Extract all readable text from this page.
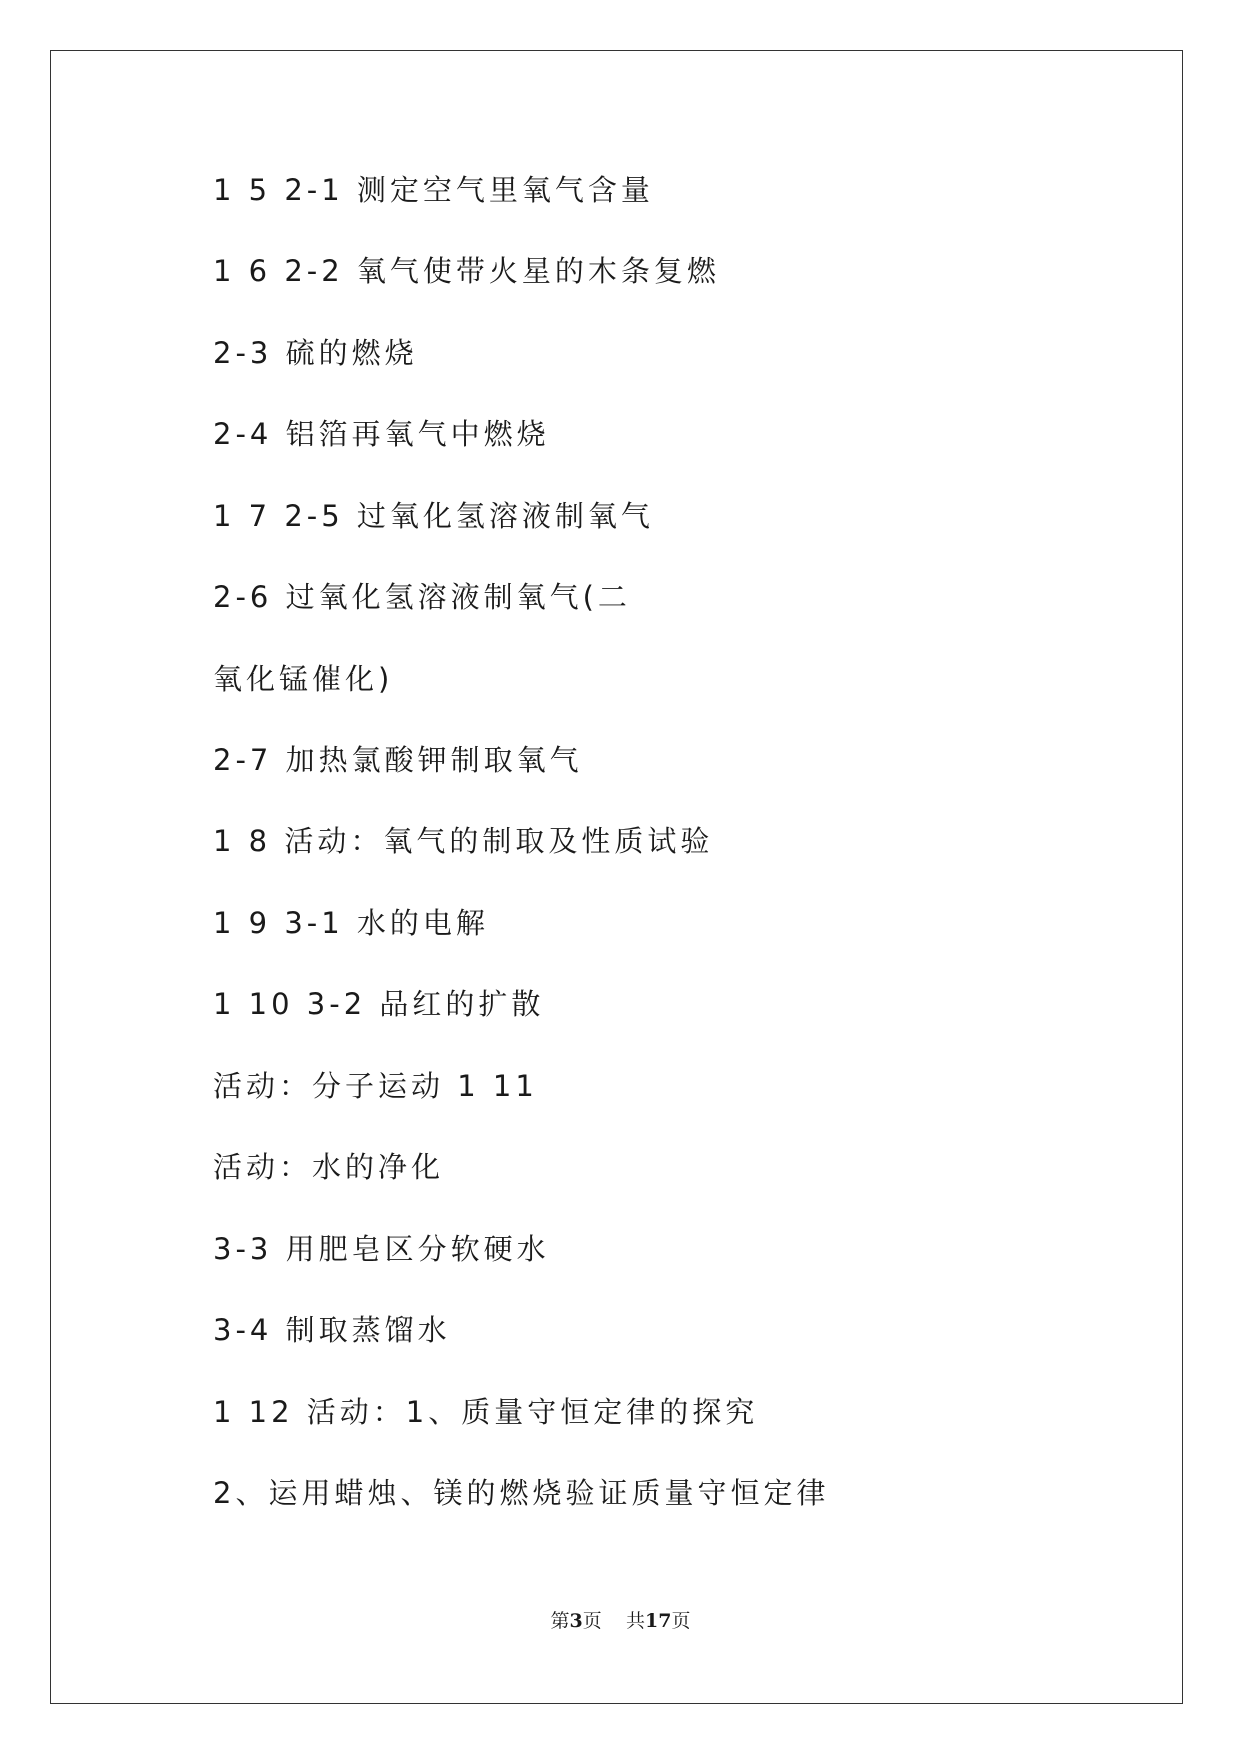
1 5 2-1 测定空气里氧气含量
1 6 2-2 氧气使带火星的木条复燃
2-3 硫的燃烧
2-4 铝箔再氧气中燃烧
1 7 2-5 过氧化氢溶液制氧气
2-6 过氧化氢溶液制氧气(二
氧化锰催化)
2-7 加热氯酸钾制取氧气
1 8 活动：氧气的制取及性质试验
1 9 3-1 水的电解
1 10 3-2 品红的扩散
活动：分子运动 1 11
活动：水的净化
3-3 用肥皂区分软硬水
3-4 制取蒸馏水
1 12 活动：1、质量守恒定律的探究
2、运用蜡烛、镁的燃烧验证质量守恒定律
第3页 共17页
